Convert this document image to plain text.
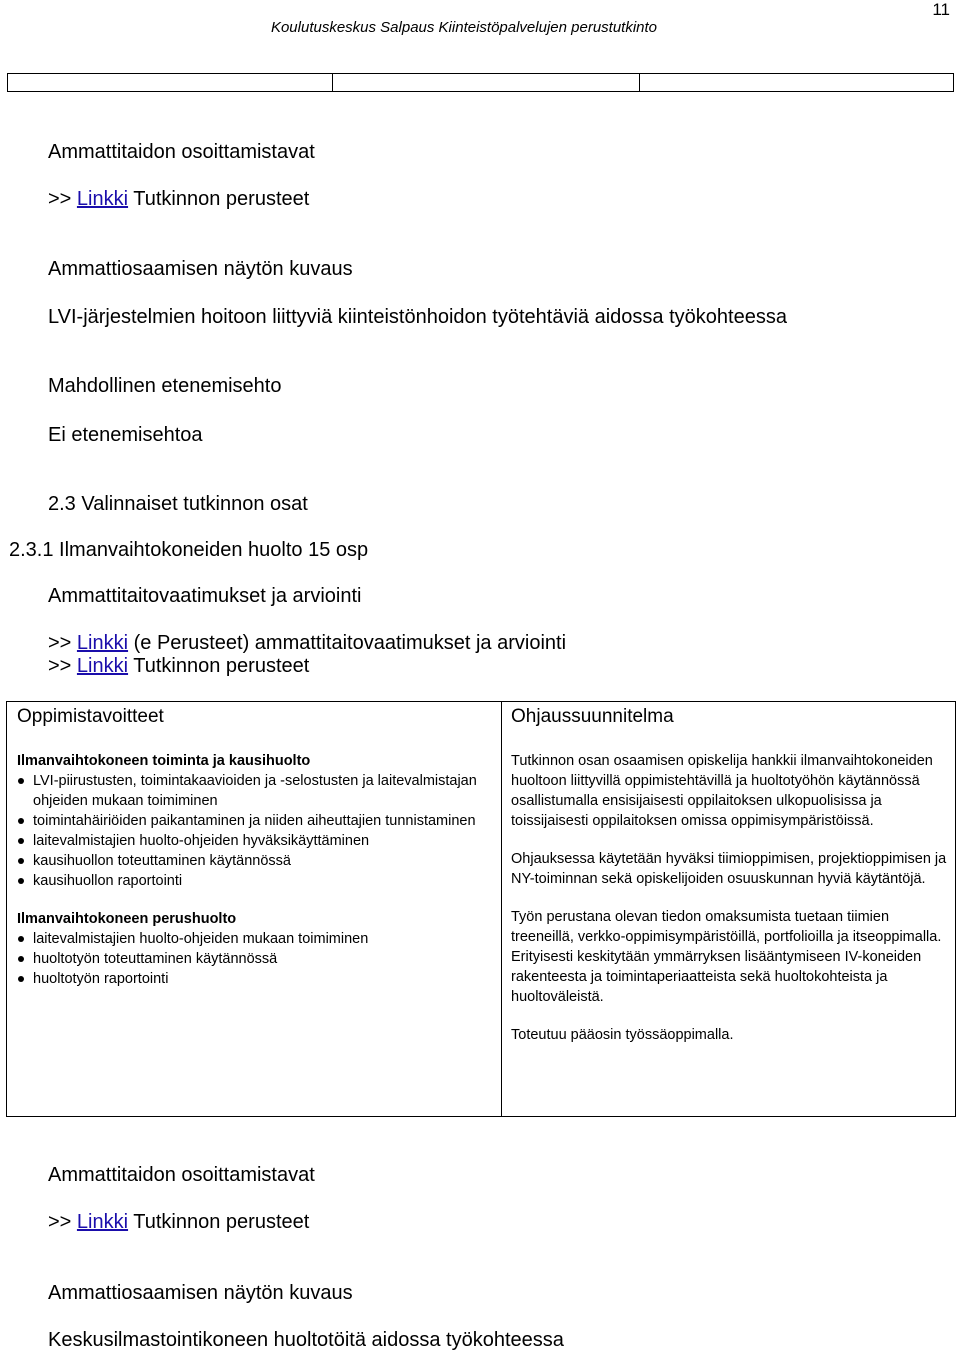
11
Koulutuskeskus Salpaus Kiinteistöpalvelujen perustutkinto
Ammattitaidon osoittamistavat
>> Linkki Tutkinnon perusteet
Ammattiosaamisen näytön kuvaus
LVI-järjestelmien hoitoon liittyviä kiinteistönhoidon työtehtäviä aidossa työkohteessa
Mahdollinen etenemisehto
Ei etenemisehtoa
2.3 Valinnaiset tutkinnon osat
2.3.1 Ilmanvaihtokoneiden huolto 15 osp
Ammattitaitovaatimukset ja arviointi
>> Linkki (e Perusteet) ammattitaitovaatimukset ja arviointi
>> Linkki Tutkinnon perusteet
Oppimistavoitteet	Ohjaussuunnitelma
Ilmanvaihtokoneen toiminta ja kausihuolto
LVI-piirustusten, toimintakaavioiden ja -selostusten ja laitevalmistajan ohjeiden mukaan toimiminen
toimintahäiriöiden paikantaminen ja niiden aiheuttajien tunnistaminen
laitevalmistajien huolto-ohjeiden hyväksikäyttäminen
kausihuollon toteuttaminen käytännössä
kausihuollon raportointi
Ilmanvaihtokoneen perushuolto
laitevalmistajien huolto-ohjeiden mukaan toimiminen
huoltotyön toteuttaminen käytännössä
huoltotyön raportointi

Tutkinnon osan osaamisen opiskelija hankkii ilmanvaihtokoneiden huoltoon liittyvillä oppimistehtävillä ja huoltotyöhön käytännössä osallistumalla ensisijaisesti oppilaitoksen ulkopuolisissa ja toissijaisesti oppilaitoksen omissa oppimisympäristöissä.

Ohjauksessa käytetään hyväksi tiimioppimisen, projektioppimisen ja NY-toiminnan sekä opiskelijoiden osuuskunnan hyviä käytäntöjä.

Työn perustana olevan tiedon omaksumista tuetaan tiimien treeneillä, verkko-oppimisympäristöillä, portfolioilla ja itseoppimalla. Erityisesti keskitytään ymmärryksen lisääntymiseen IV-koneiden rakenteesta ja toimintaperiaatteista sekä huoltokohteista ja huoltoväleistä.

Toteutuu pääosin työssäoppimalla.

Ammattitaidon osoittamistavat
>> Linkki Tutkinnon perusteet
Ammattiosaamisen näytön kuvaus
Keskusilmastointikoneen huoltotöitä aidossa työkohteessa
